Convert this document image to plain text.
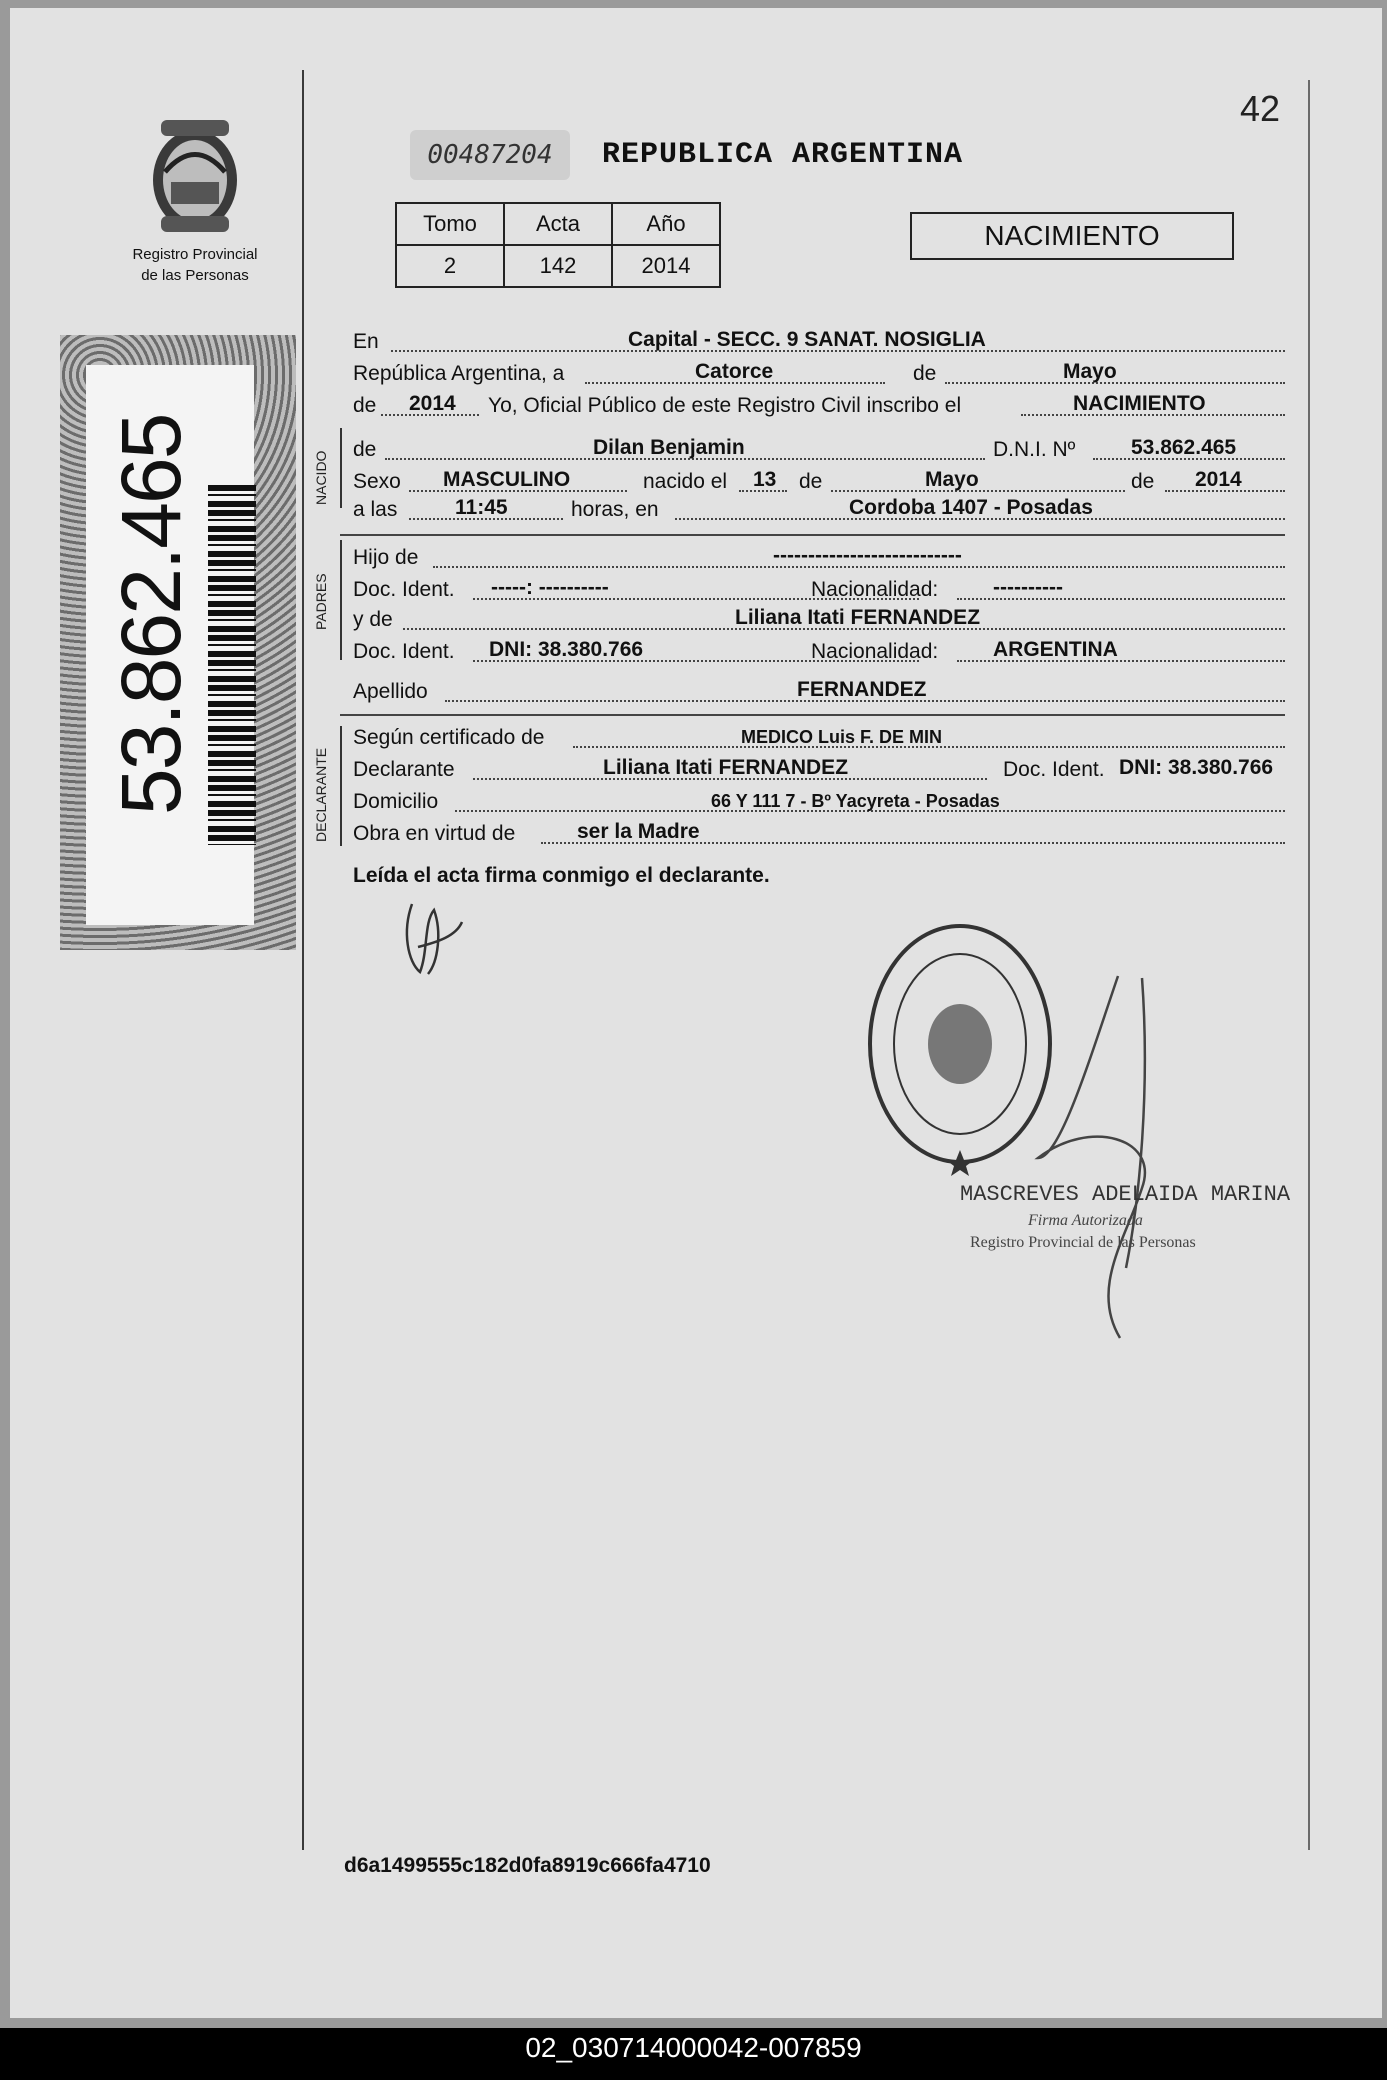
42
00487204	REPUBLICA ARGENTINA
Registro Provincial
de las Personas
Tomo	Acta	Año
2	142	2014
NACIMIENTO
53.862.465	NACIDO
PADRES
DECLARANTE
En	Capital - SECC. 9 SANAT. NOSIGLIA
República Argentina, a	Catorce	de	Mayo
de 2014 Yo, Oficial Público de este Registro Civil inscribo el	NACIMIENTO
de	Dilan Benjamin	D.N.I. Nº	53.862.465
Sexo MASCULINO	nacido el 13 de	Mayo	de 2014
a las	11:45	horas, en	Cordoba 1407 - Posadas
Hijo de	---------------------------
Doc. Ident. -----: ----------	Nacionalidad:	----------
y de	Liliana Itati FERNANDEZ
Doc. Ident. DNI: 38.380.766	Nacionalidad:	ARGENTINA
Apellido	FERNANDEZ
Según certificado de	MEDICO Luis F. DE MIN
Declarante	Liliana Itati FERNANDEZ	Doc. Ident. DNI: 38.380.766
Domicilio	66 Y 111 7 - Bº Yacyreta - Posadas
Obra en virtud de	ser la Madre
Leída el acta firma conmigo el declarante.
MASCREVES ADELAIDA MARINA
Firma Autorizada
Registro Provincial de las Personas
d6a1499555c182d0fa8919c666fa4710
02_030714000042-007859
